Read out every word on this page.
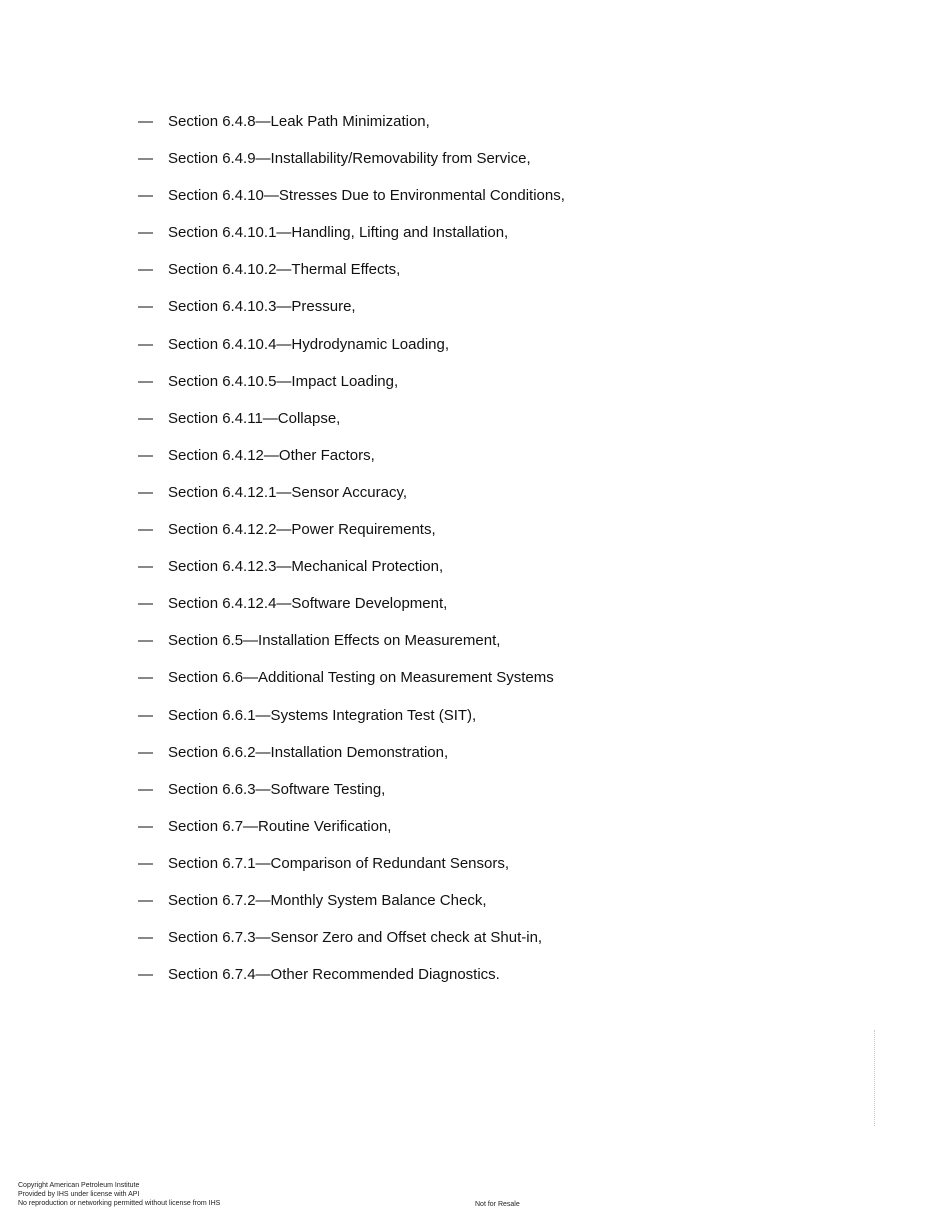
—	Section 6.4.8—Leak Path Minimization,
—	Section 6.4.9—Installability/Removability from Service,
—	Section 6.4.10—Stresses Due to Environmental Conditions,
—	Section 6.4.10.1—Handling, Lifting and Installation,
—	Section 6.4.10.2—Thermal Effects,
—	Section 6.4.10.3—Pressure,
—	Section 6.4.10.4—Hydrodynamic Loading,
—	Section 6.4.10.5—Impact Loading,
—	Section 6.4.11—Collapse,
—	Section 6.4.12—Other Factors,
—	Section 6.4.12.1—Sensor Accuracy,
—	Section 6.4.12.2—Power Requirements,
—	Section 6.4.12.3—Mechanical Protection,
—	Section 6.4.12.4—Software Development,
—	Section 6.5—Installation Effects on Measurement,
—	Section 6.6—Additional Testing on Measurement Systems
—	Section 6.6.1—Systems Integration Test (SIT),
—	Section 6.6.2—Installation Demonstration,
—	Section 6.6.3—Software Testing,
—	Section 6.7—Routine Verification,
—	Section 6.7.1—Comparison of Redundant Sensors,
—	Section 6.7.2—Monthly System Balance Check,
—	Section 6.7.3—Sensor Zero and Offset check at Shut-in,
—	Section 6.7.4—Other Recommended Diagnostics.
Copyright American Petroleum Institute
Provided by IHS under license with API
No reproduction or networking permitted without license from IHS	Not for Resale
